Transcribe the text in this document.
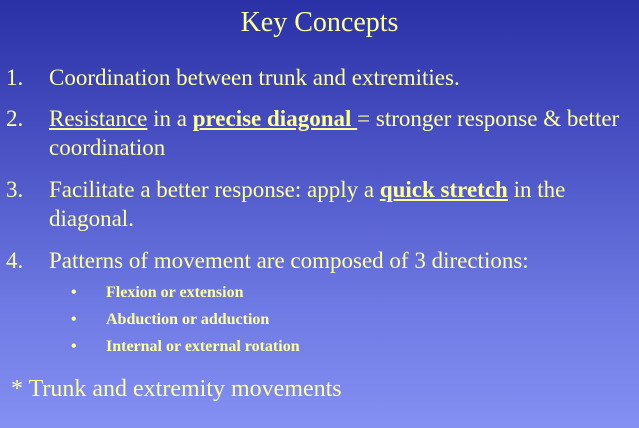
Key Concepts
1.	Coordination between trunk and extremities.
2.	Resistance in a precise diagonal = stronger response & better coordination
3.	Facilitate a better response: apply a quick stretch in the diagonal.
4.	Patterns of movement are composed of 3 directions:
• Flexion or extension
• Abduction or adduction
• Internal or external rotation
* Trunk and extremity movements
